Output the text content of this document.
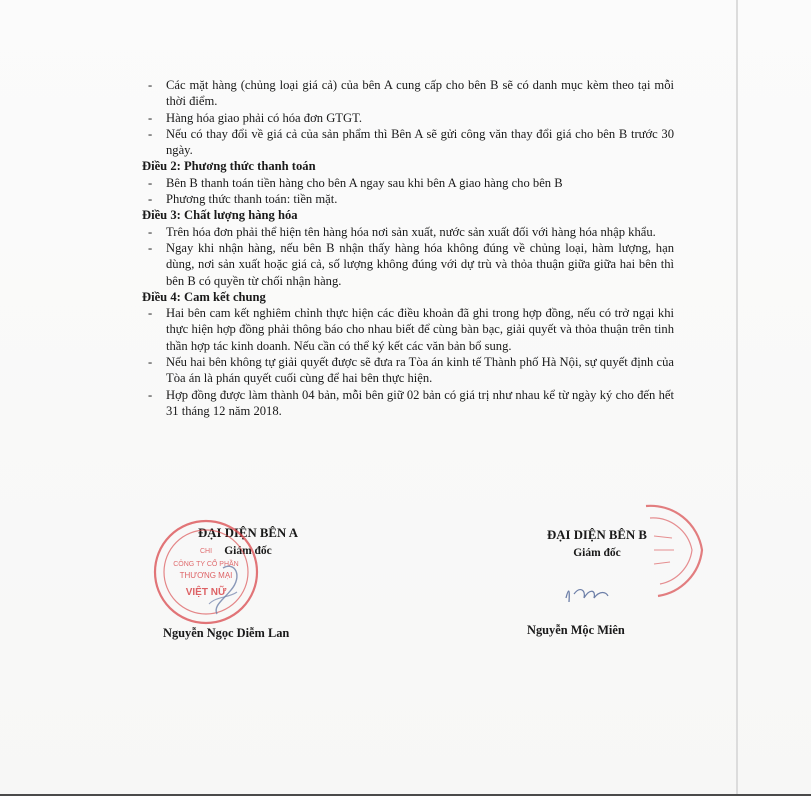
- Các mặt hàng (chủng loại giá cả) của bên A cung cấp cho bên B sẽ có danh mục kèm theo tại mỗi thời điểm.
- Hàng hóa giao phải có hóa đơn GTGT.
- Nếu có thay đổi về giá cả của sản phẩm thì Bên A sẽ gửi công văn thay đổi giá cho bên B trước 30 ngày.
Điều 2: Phương thức thanh toán
- Bên B thanh toán tiền hàng cho bên A ngay sau khi bên A giao hàng cho bên B
- Phương thức thanh toán: tiền mặt.
Điều 3: Chất lượng hàng hóa
- Trên hóa đơn phải thể hiện tên hàng hóa nơi sản xuất, nước sản xuất đối với hàng hóa nhập khẩu.
- Ngay khi nhận hàng, nếu bên B nhận thấy hàng hóa không đúng về chủng loại, hàm lượng, hạn dùng, nơi sản xuất hoặc giá cả, số lượng không đúng với dự trù và thỏa thuận giữa giữa hai bên thì bên B có quyền từ chối nhận hàng.
Điều 4: Cam kết chung
- Hai bên cam kết nghiêm chỉnh thực hiện các điều khoản đã ghi trong hợp đồng, nếu có trở ngại khi thực hiện hợp đồng phải thông báo cho nhau biết để cùng bàn bạc, giải quyết và thỏa thuận trên tinh thần hợp tác kinh doanh. Nếu cần có thể ký kết các văn bản bổ sung.
- Nếu hai bên không tự giải quyết được sẽ đưa ra Tòa án kinh tế Thành phố Hà Nội, sự quyết định của Tòa án là phán quyết cuối cùng để hai bên thực hiện.
- Hợp đồng được làm thành 04 bản, mỗi bên giữ 02 bản có giá trị như nhau kể từ ngày ký cho đến hết 31 tháng 12 năm 2018.
ĐẠI DIỆN BÊN A
Giám đốc
CHI
CÔNG TY CỔ PHẦN
THƯƠNG MẠI
VIỆT NỮ
Nguyễn Ngọc Diễm Lan
ĐẠI DIỆN BÊN B
Giám đốc
Nguyễn Mộc Miên
